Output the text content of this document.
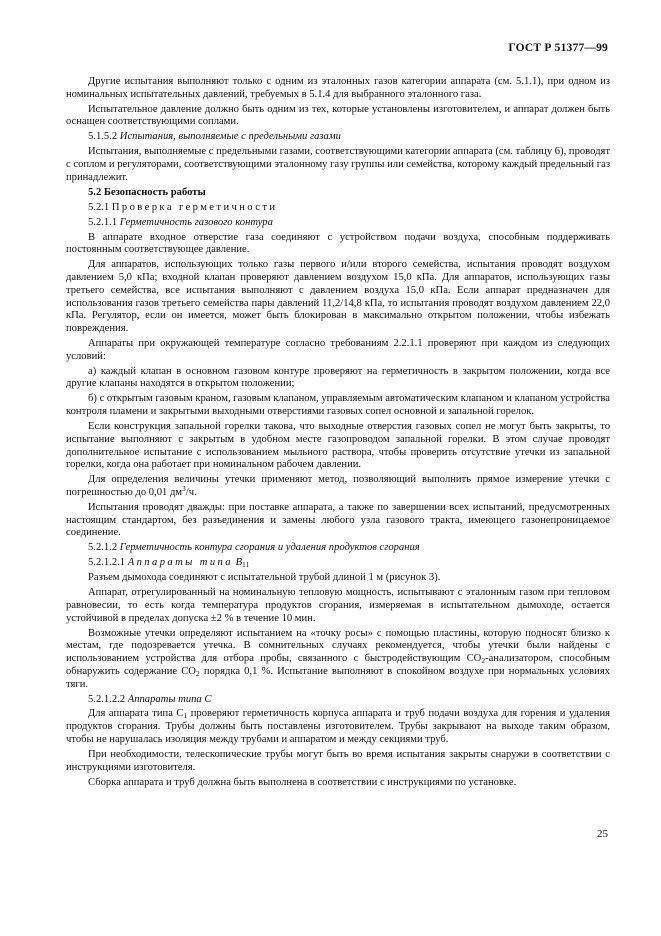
ГОСТ Р 51377—99

Другие испытания выполняют только с одним из эталонных газов категории аппарата (см. 5.1.1), при одном из номинальных испытательных давлений, требуемых в 5.1.4 для выбранного эталонного газа.

Испытательное давление должно быть одним из тех, которые установлены изготовителем, и аппарат должен быть оснащен соответствующими соплами.

5.1.5.2 Испытания, выполняемые с предельными газами

Испытания, выполняемые с предельными газами, соответствующими категории аппарата (см. таблицу 6), проводят с соплом и регуляторами, соответствующими эталонному газу группы или семейства, которому каждый предельный газ принадлежит.

5.2 Безопасность работы

5.2.1 Проверка герметичности

5.2.1.1 Герметичность газового контура

В аппарате входное отверстие газа соединяют с устройством подачи воздуха, способным поддерживать постоянным соответствующее давление.

Для аппаратов, использующих только газы первого и/или второго семейства, испытания проводят воздухом давлением 5,0 кПа; входной клапан проверяют давлением воздухом 15,0 кПа. Для аппаратов, использующих газы третьего семейства, все испытания выполняют с давлением воздуха 15,0 кПа. Если аппарат предназначен для использования газов третьего семейства пары давлений 11,2/14,8 кПа, то испытания проводят воздухом давлением 22,0 кПа. Регулятор, если он имеется, может быть блокирован в максимально открытом положении, чтобы избежать повреждения.

Аппараты при окружающей температуре согласно требованиям 2.2.1.1 проверяют при каждом из следующих условий:

а) каждый клапан в основном газовом контуре проверяют на герметичность в закрытом положении, когда все другие клапаны находятся в открытом положении;

б) с открытым газовым краном, газовым клапаном, управляемым автоматическим клапаном и клапаном устройства контроля пламени и закрытыми выходными отверстиями газовых сопел основной и запальной горелок.

Если конструкция запальной горелки такова, что выходные отверстия газовых сопел не могут быть закрыты, то испытание выполняют с закрытым в удобном месте газопроводом запальной горелки. В этом случае проводят дополнительное испытание с использованием мыльного раствора, чтобы проверить отсутствие утечки из запальной горелки, когда она работает при номинальном рабочем давлении.

Для определения величины утечки применяют метод, позволяющий выполнить прямое измерение утечки с погрешностью до 0,01 $дм^3/ч$.

Испытания проводят дважды: при поставке аппарата, а также по завершении всех испытаний, предусмотренных настоящим стандартом, без разъединения и замены любого узла газового тракта, имеющего газонепроницаемое соединение.

5.2.1.2 Герметичность контура сгорания и удаления продуктов сгорания

5.2.1.2.1 Аппараты типа $B_{11}$

Разъем дымохода соединяют с испытательной трубой длиной 1 м (рисунок 3).

Аппарат, отрегулированный на номинальную тепловую мощность, испытывают с эталонным газом при тепловом равновесии, то есть когда температура продуктов сгорания, измеряемая в испытательном дымоходе, остается устойчивой в пределах допуска ±2 % в течение 10 мин.

Возможные утечки определяют испытанием на «точку росы» с помощью пластины, которую подносят близко к местам, где подозревается утечка. В сомнительных случаях рекомендуется, чтобы утечки были найдены с использованием устройства для отбора пробы, связанного с быстродействующим $CO_2$-анализатором, способным обнаружить содержание $CO_2$ порядка 0,1 %. Испытание выполняют в спокойном воздухе при нормальных условиях тяги.

5.2.1.2.2 Аппараты типа C

Для аппарата типа $C_1$ проверяют герметичность корпуса аппарата и труб подачи воздуха для горения и удаления продуктов сгорания. Трубы должны быть поставлены изготовителем. Трубы закрывают на выходе таким образом, чтобы не нарушалась изоляция между трубами и аппаратом и между секциями труб.

При необходимости, телескопические трубы могут быть во время испытания закрыты снаружи в соответствии с инструкциями изготовителя.

Сборка аппарата и труб должна быть выполнена в соответствии с инструкциями по установке.

25
